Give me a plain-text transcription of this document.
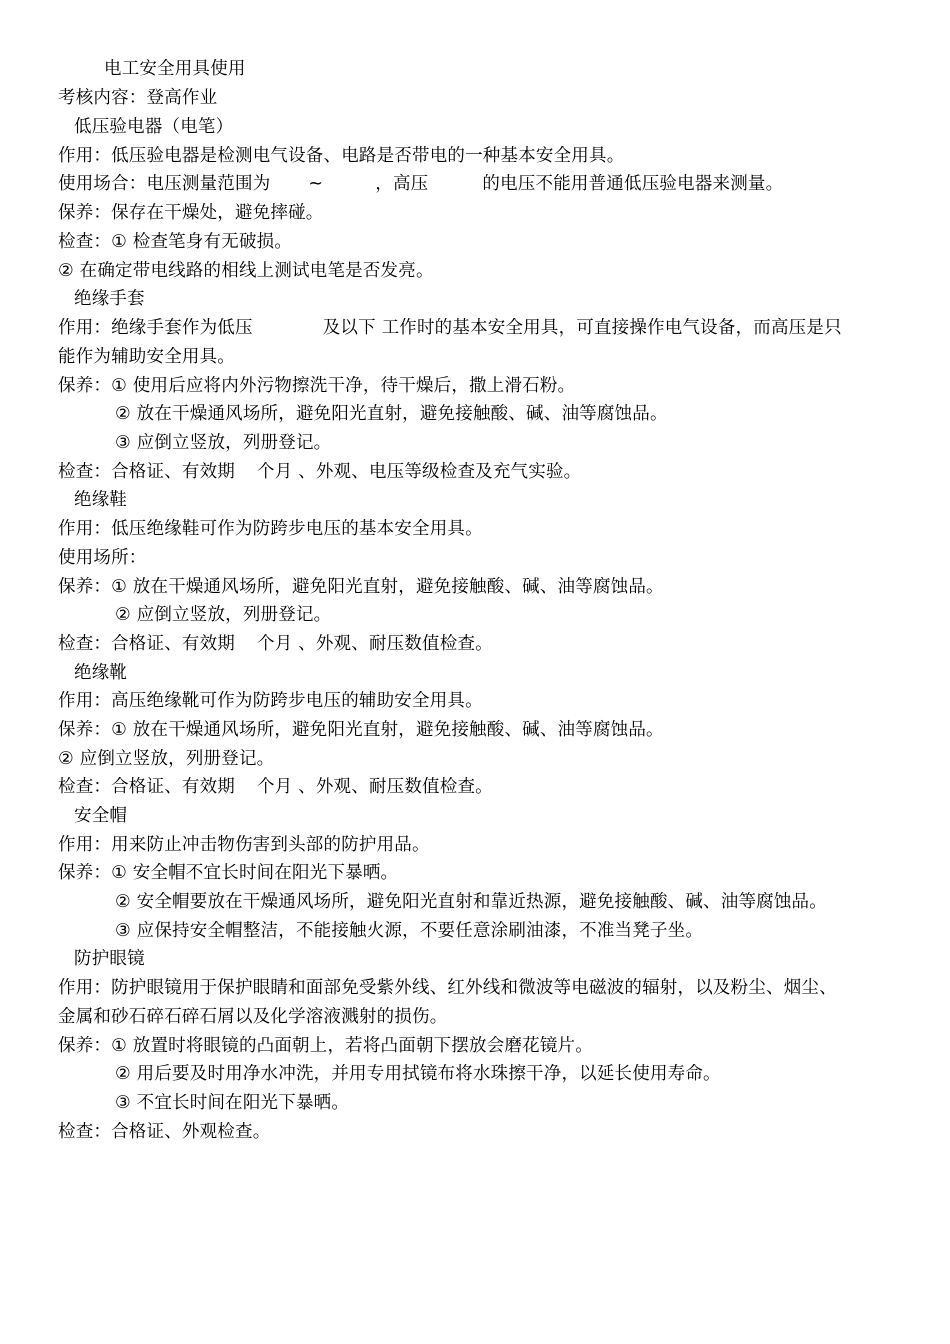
电工安全用具使用
考核内容：登高作业
低压验电器（电笔）
作用：低压验电器是检测电气设备、电路是否带电的一种基本安全用具。
使用场合：电压测量范围为 ~	，高压	的电压不能用普通低压验电器来测量。
保养：保存在干燥处，避免摔碰。
检查：① 检查笔身有无破损。
② 在确定带电线路的相线上测试电笔是否发亮。
绝缘手套
作用：绝缘手套作为低压	及以下 工作时的基本安全用具，可直接操作电气设备，而高压是只
能作为辅助安全用具。
保养：① 使用后应将内外污物擦洗干净，待干燥后，撒上滑石粉。
② 放在干燥通风场所，避免阳光直射，避免接触酸、碱、油等腐蚀品。
③ 应倒立竖放，列册登记。
检查：合格证、有效期 个月 、外观、电压等级检查及充气实验。
绝缘鞋
作用：低压绝缘鞋可作为防跨步电压的基本安全用具。
使用场所：
保养：① 放在干燥通风场所，避免阳光直射，避免接触酸、碱、油等腐蚀品。
② 应倒立竖放，列册登记。
检查：合格证、有效期 个月 、外观、耐压数值检查。
绝缘靴
作用：高压绝缘靴可作为防跨步电压的辅助安全用具。
保养：① 放在干燥通风场所，避免阳光直射，避免接触酸、碱、油等腐蚀品。
② 应倒立竖放，列册登记。
检查：合格证、有效期 个月 、外观、耐压数值检查。
安全帽
作用：用来防止冲击物伤害到头部的防护用品。
保养：① 安全帽不宜长时间在阳光下暴晒。
② 安全帽要放在干燥通风场所，避免阳光直射和靠近热源，避免接触酸、碱、油等腐蚀品。
③ 应保持安全帽整洁，不能接触火源，不要任意涂刷油漆，不准当凳子坐。
防护眼镜
作用：防护眼镜用于保护眼睛和面部免受紫外线、红外线和微波等电磁波的辐射，以及粉尘、烟尘、
金属和砂石碎石碎石屑以及化学溶液溅射的损伤。
保养：① 放置时将眼镜的凸面朝上，若将凸面朝下摆放会磨花镜片。
② 用后要及时用净水冲洗，并用专用拭镜布将水珠擦干净，以延长使用寿命。
③ 不宜长时间在阳光下暴晒。
检查：合格证、外观检查。
